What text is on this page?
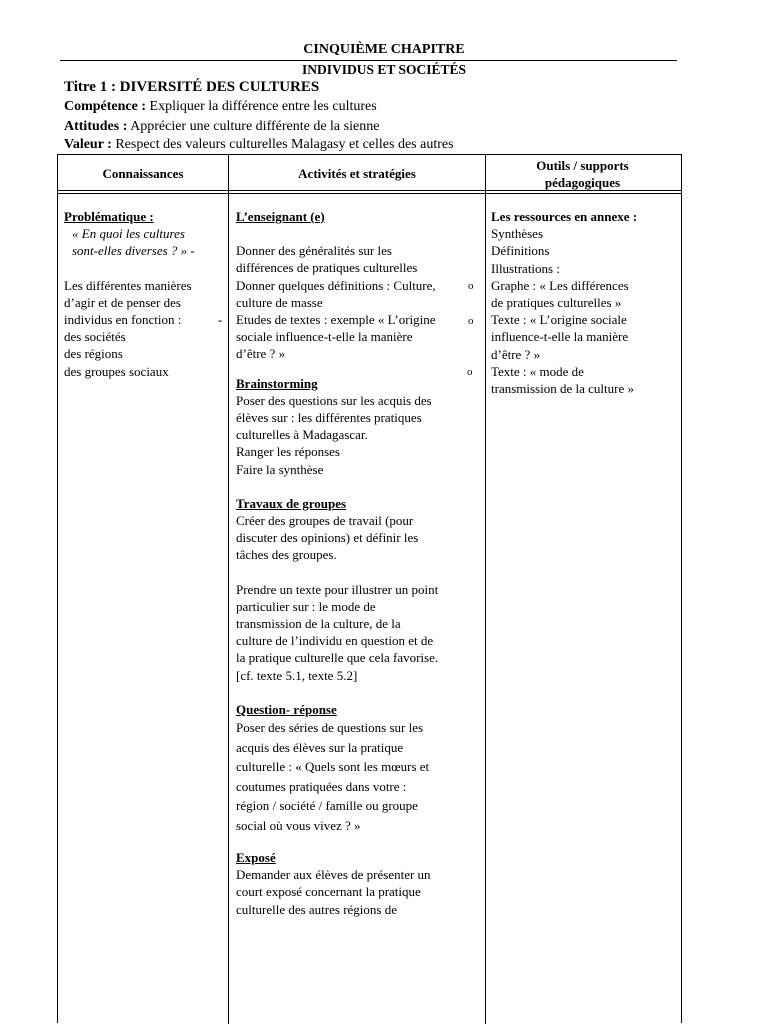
CINQUIÈME CHAPITRE
INDIVIDUS ET SOCIÉTÉS
Titre 1 : DIVERSITÉ DES CULTURES
Compétence : Expliquer la différence entre les cultures
Attitudes : Apprécier une culture différente de la sienne
Valeur : Respect des valeurs culturelles Malagasy et celles des autres
Connaissances	Activités et stratégies
Outils / supports pédagogiques

Problématique :

« En quoi les cultures

sont-elles diverses ? » -

Les différentes manières

d’agir et de penser des

individus en fonction :	-

des sociétés

des régions

des groupes sociaux

L’enseignant (e)

Donner des généralités sur les

différences de pratiques culturelles

Donner quelques définitions : Culture,

culture de masse

Etudes de textes : exemple « L’origine

sociale influence-t-elle la manière

d’être ? »

Brainstorming

Poser des questions sur les acquis des

élèves sur : les différentes pratiques

culturelles à Madagascar.

Ranger les réponses

Faire la synthèse

Travaux de groupes

Créer des groupes de travail (pour

discuter des opinions) et définir les

tâches des groupes.

Prendre un texte pour illustrer un point

particulier sur : le mode de

transmission de la culture, de la

culture de l’individu en question et de

la pratique culturelle que cela favorise.

[cf. texte 5.1, texte 5.2]

Question- réponse

Poser des séries de questions sur les

acquis des élèves sur la pratique

culturelle : « Quels sont les mœurs et

coutumes pratiquées dans votre :

région / société / famille ou groupe

social où vous vivez ? »

Exposé

Demander aux élèves de présenter un

court exposé concernant la pratique

culturelle des autres régions de

o
o
o

Les ressources en annexe :

Synthèses

Définitions

Illustrations :

Graphe : « Les différences

de pratiques culturelles »

Texte : « L’origine sociale

influence-t-elle la manière

d’être ? »

Texte : « mode de

transmission de la culture »
